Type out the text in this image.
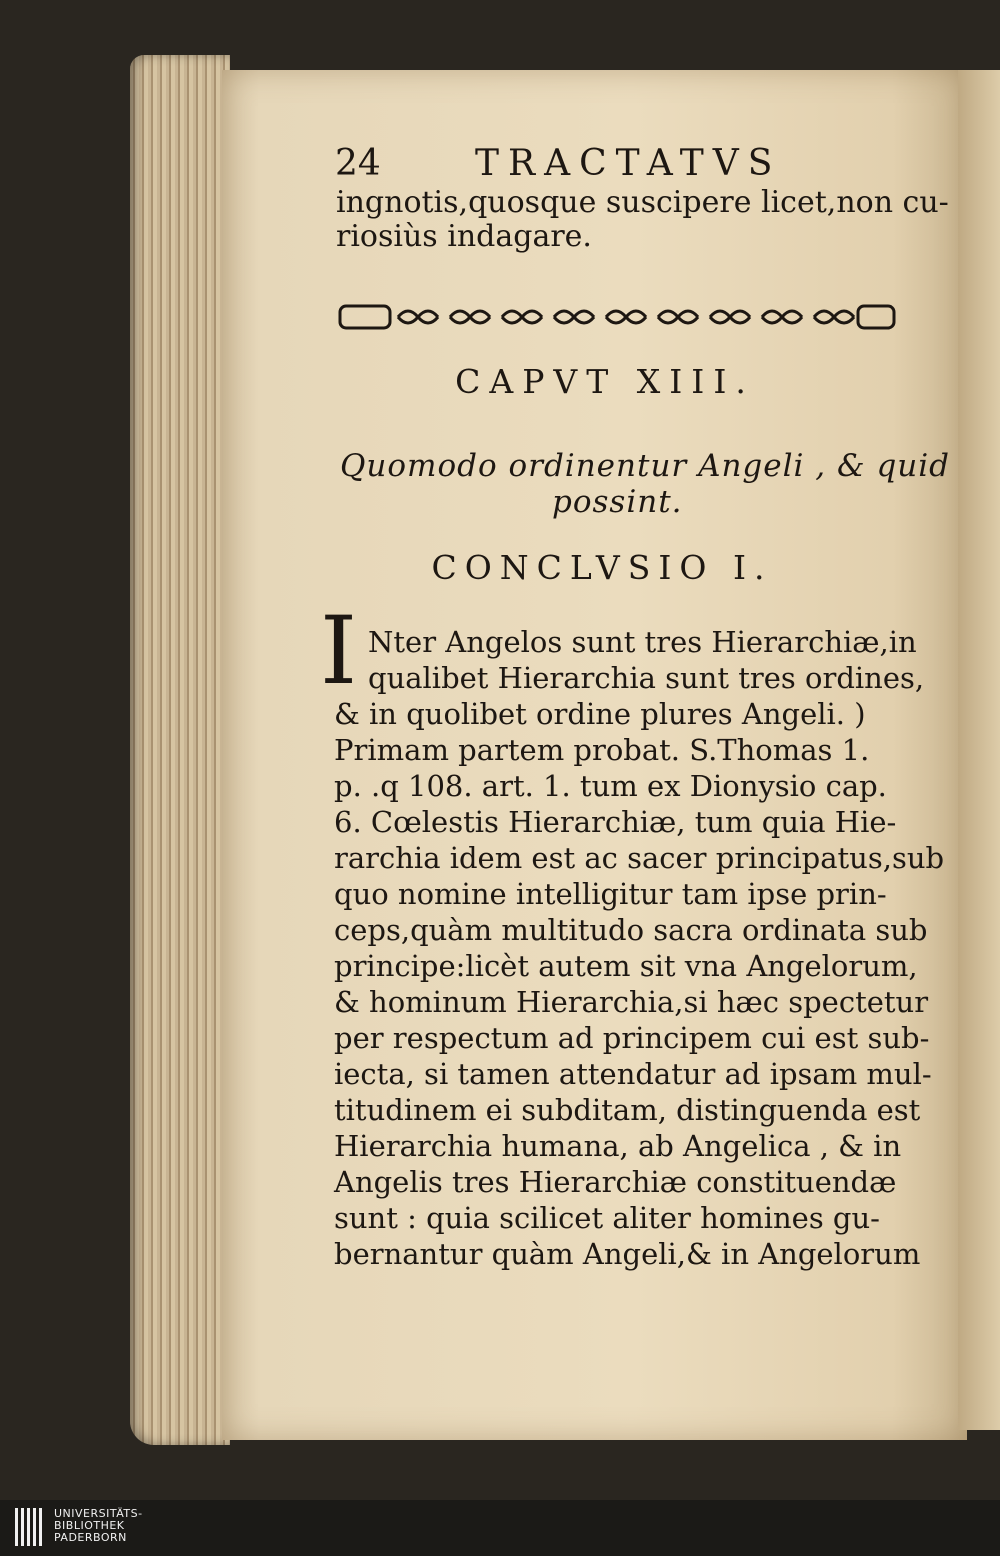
24	TRACTATVS
ingnotis,quosque suscipere licet,non cu-
riosiùs indagare.
CAPVT XIII.
Quomodo ordinentur Angeli , & quid
possint.
CONCLVSIO I.
I Nter Angelos sunt tres Hierarchiæ,in
qualibet Hierarchia sunt tres ordines,
& in quolibet ordine plures Angeli. )
Primam partem probat. S.Thomas 1.
p. .q 108. art. 1. tum ex Dionysio cap.
6. Cœlestis Hierarchiæ, tum quia Hie-
rarchia idem est ac sacer principatus,sub
quo nomine intelligitur tam ipse prin-
ceps,quàm multitudo sacra ordinata sub
principe:licèt autem sit vna Angelorum,
& hominum Hierarchia,si hæc spectetur
per respectum ad principem cui est sub-
iecta, si tamen attendatur ad ipsam mul-
titudinem ei subditam, distinguenda est
Hierarchia humana, ab Angelica , & in
Angelis tres Hierarchiæ constituendæ
sunt : quia scilicet aliter homines gu-
bernantur quàm Angeli,& in Angelorum
UNIVERSITÄTS-
BIBLIOTHEK
PADERBORN
